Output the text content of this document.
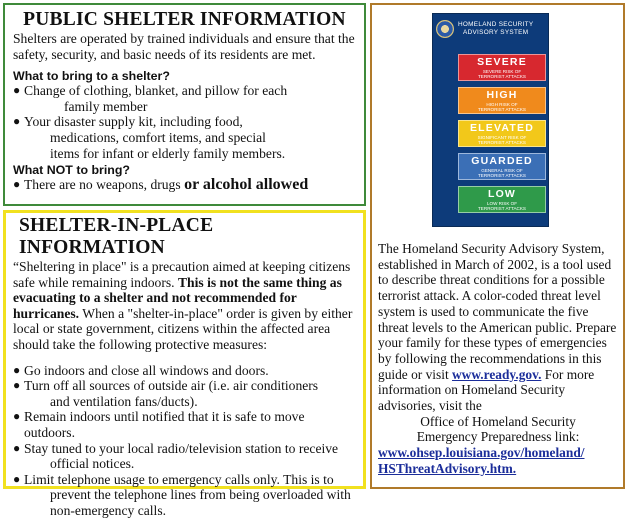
PUBLIC SHELTER INFORMATION

Shelters are operated by trained individuals and ensure that the safety, security, and basic needs of its residents are met.

What to bring to a shelter?
● Change of clothing, blanket, and pillow for each
family member
● Your disaster supply kit, including food,
medications, comfort items, and special
items for infant or elderly family members.
What NOT to bring?
● There are no weapons, drugs or alcohol allowed
SHELTER-IN-PLACE INFORMATION

“Sheltering in place" is a precaution aimed at keeping citizens safe while remaining indoors. This is not the same thing as evacuating to a shelter and not recommended for hurricanes. When a "shelter-in-place" order is given by either local or state government, citizens within the affected area should take the following protective measures:

● Go indoors and close all windows and doors.
● Turn off all sources of outside air (i.e. air conditioners
and ventilation fans/ducts).
● Remain indoors until notified that it is safe to move outdoors.
● Stay tuned to your local radio/television station to receive
official notices.
● Limit telephone usage to emergency calls only. This is to
prevent the telephone lines from being overloaded with
non-emergency calls.
HOMELAND SECURITY
ADVISORY SYSTEM
SEVERE
SEVERE RISK OF
TERRORIST ATTACKS
HIGH
HIGH RISK OF
TERRORIST ATTACKS
ELEVATED
SIGNIFICANT RISK OF
TERRORIST ATTACKS
GUARDED
GENERAL RISK OF
TERRORIST ATTACKS
LOW
LOW RISK OF
TERRORIST ATTACKS
The Homeland Security Advisory System, established in March of 2002, is a tool used to describe threat conditions for a possible terrorist attack. A color-coded threat level system is used to communicate the five threat levels to the American public. Prepare your family for these types of emergencies by following the recommendations in this guide or visit www.ready.gov. For more information on Homeland Security advisories, visit the
Office of Homeland Security
Emergency Preparedness link:
www.ohsep.louisiana.gov/homeland/
HSThreatAdvisory.htm.
